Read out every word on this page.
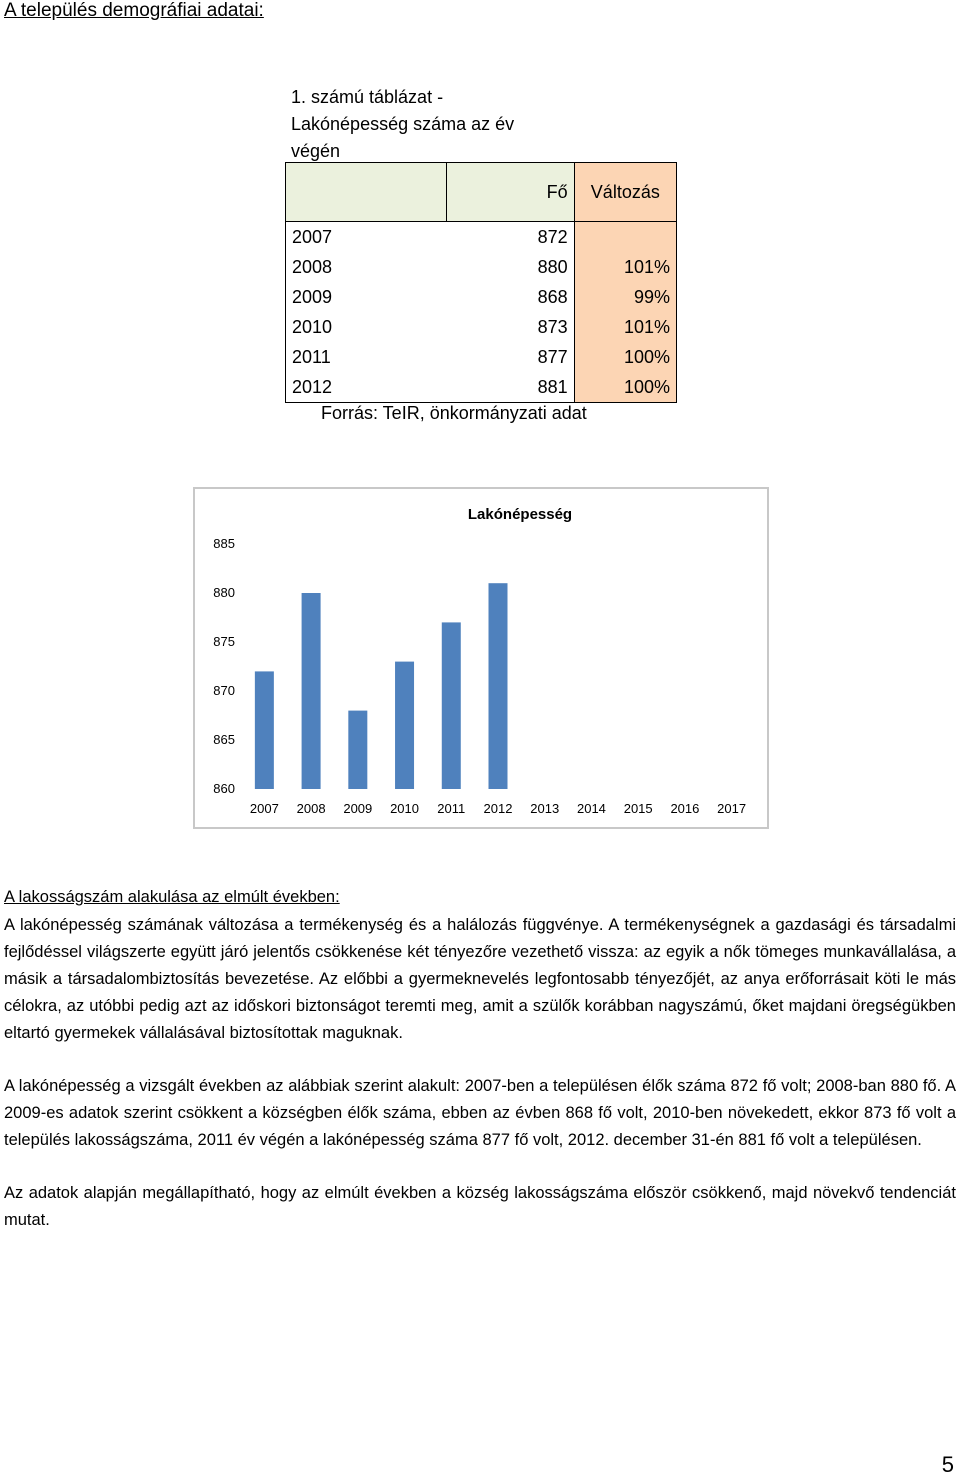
A település demográfiai adatai:
1. számú táblázat - Lakónépesség száma az év végén
	Fő	Változás
2007	872	
2008	880	101%
2009	868	99%
2010	873	101%
2011	877	100%
2012	881	100%
Forrás: TeIR, önkormányzati adat
Lakónépesség
860
865
870
875
880
885
2007 2008 2009 2010 2011 2012 2013 2014 2015 2016 2017
A lakosságszám alakulása az elmúlt években:
A lakónépesség számának változása a termékenység és a halálozás függvénye. A termékenységnek a gazdasági és társadalmi fejlődéssel világszerte együtt járó jelentős csökkenése két tényezőre vezethető vissza: az egyik a nők tömeges munkavállalása, a másik a társadalombiztosítás bevezetése. Az előbbi a gyermeknevelés legfontosabb tényezőjét, az anya erőforrásait köti le más célokra, az utóbbi pedig azt az időskori biztonságot teremti meg, amit a szülők korábban nagyszámú, őket majdani öregségükben eltartó gyermekek vállalásával biztosítottak maguknak.
A lakónépesség a vizsgált években az alábbiak szerint alakult: 2007-ben a településen élők száma 872 fő volt; 2008-ban 880 fő. A 2009-es adatok szerint csökkent a községben élők száma, ebben az évben 868 fő volt, 2010-ben növekedett, ekkor 873 fő volt a település lakosságszáma, 2011 év végén a lakónépesség száma 877 fő volt, 2012. december 31-én 881 fő volt a településen.
Az adatok alapján megállapítható, hogy az elmúlt években a község lakosságszáma először csökkenő, majd növekvő tendenciát mutat.
5
